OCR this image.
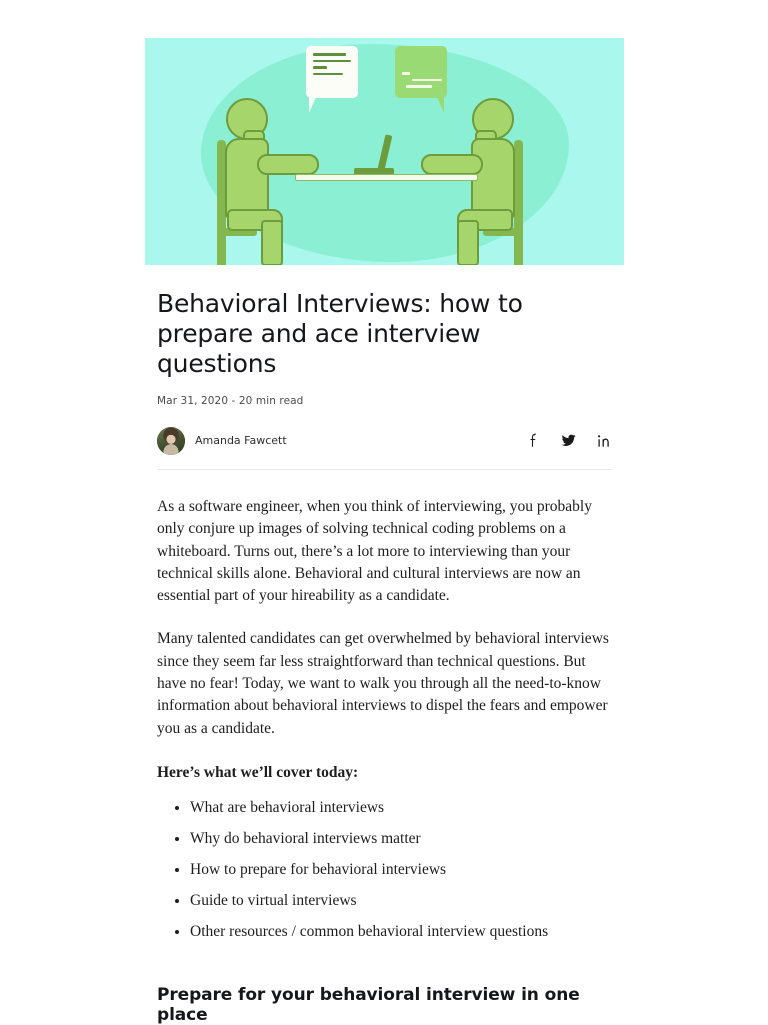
Behavioral Interviews: how to prepare and ace interview questions
Mar 31, 2020 - 20 min read
Amanda Fawcett

As a software engineer, when you think of interviewing, you probably only conjure up images of solving technical coding problems on a whiteboard. Turns out, there’s a lot more to interviewing than your technical skills alone. Behavioral and cultural interviews are now an essential part of your hireability as a candidate.

Many talented candidates can get overwhelmed by behavioral interviews since they seem far less straightforward than technical questions. But have no fear! Today, we want to walk you through all the need-to-know information about behavioral interviews to dispel the fears and empower you as a candidate.

Here’s what we’ll cover today:

What are behavioral interviews
Why do behavioral interviews matter
How to prepare for behavioral interviews
Guide to virtual interviews
Other resources / common behavioral interview questions
Prepare for your behavioral interview in one place
